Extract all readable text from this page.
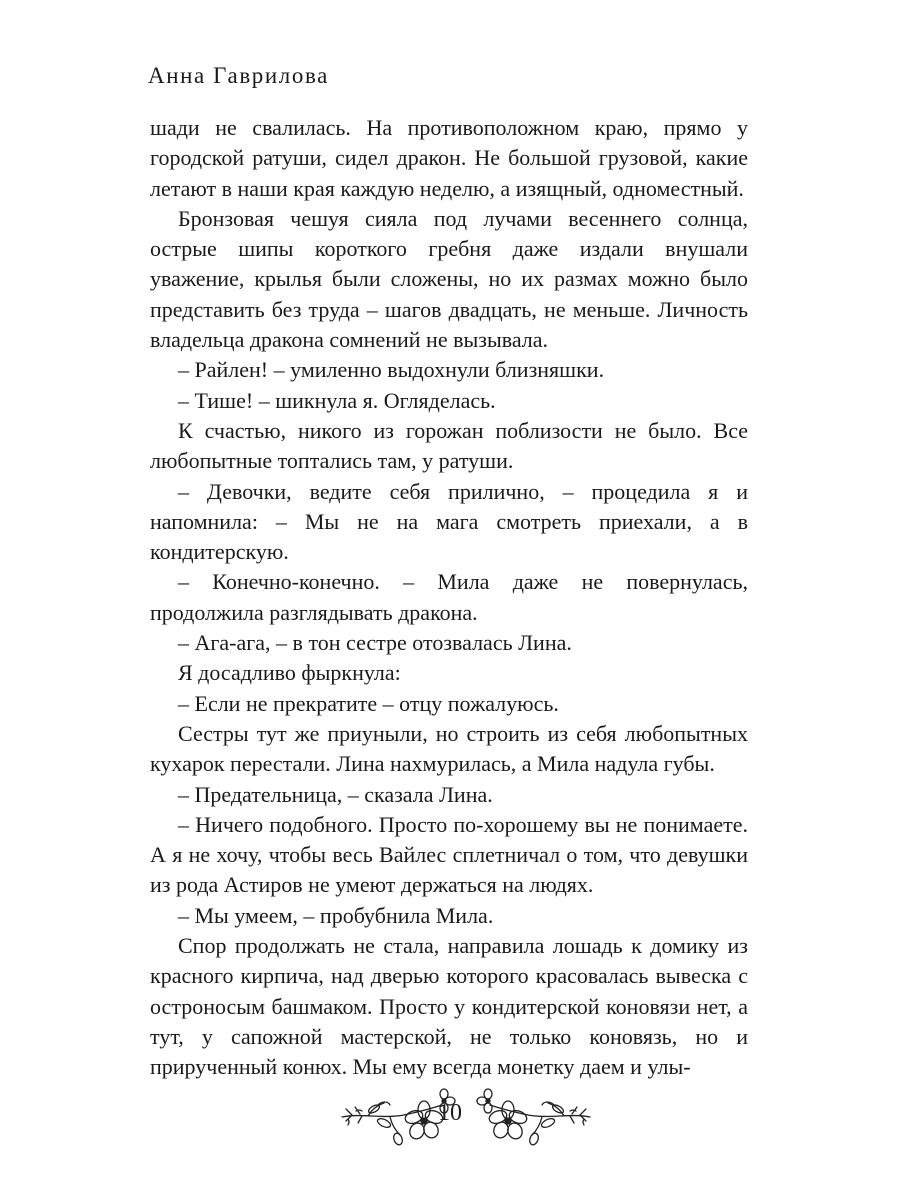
Анна Гаврилова

шади не свалилась. На противоположном краю, прямо у городской ратуши, сидел дракон. Не большой грузовой, какие летают в наши края каждую неделю, а изящный, одноместный.

Бронзовая чешуя сияла под лучами весеннего солнца, острые шипы короткого гребня даже издали внушали уважение, крылья были сложены, но их размах можно было представить без труда – шагов двадцать, не меньше. Личность владельца дракона сомнений не вызывала.

– Райлен! – умиленно выдохнули близняшки.

– Тише! – шикнула я. Огляделась.

К счастью, никого из горожан поблизости не было. Все любопытные топтались там, у ратуши.

– Девочки, ведите себя прилично, – процедила я и напомнила: – Мы не на мага смотреть приехали, а в кондитерскую.

– Конечно-конечно. – Мила даже не повернулась, продолжила разглядывать дракона.

– Ага-ага, – в тон сестре отозвалась Лина.

Я досадливо фыркнула:

– Если не прекратите – отцу пожалуюсь.

Сестры тут же приуныли, но строить из себя любопытных кухарок перестали. Лина нахмурилась, а Мила надула губы.

– Предательница, – сказала Лина.

– Ничего подобного. Просто по-хорошему вы не понимаете. А я не хочу, чтобы весь Вайлес сплетничал о том, что девушки из рода Астиров не умеют держаться на людях.

– Мы умеем, – пробубнила Мила.

Спор продолжать не стала, направила лошадь к домику из красного кирпича, над дверью которого красовалась вывеска с остроносым башмаком. Просто у кондитерской коновязи нет, а тут, у сапожной мастерской, не только коновязь, но и прирученный конюх. Мы ему всегда монетку даем и улы-

10
